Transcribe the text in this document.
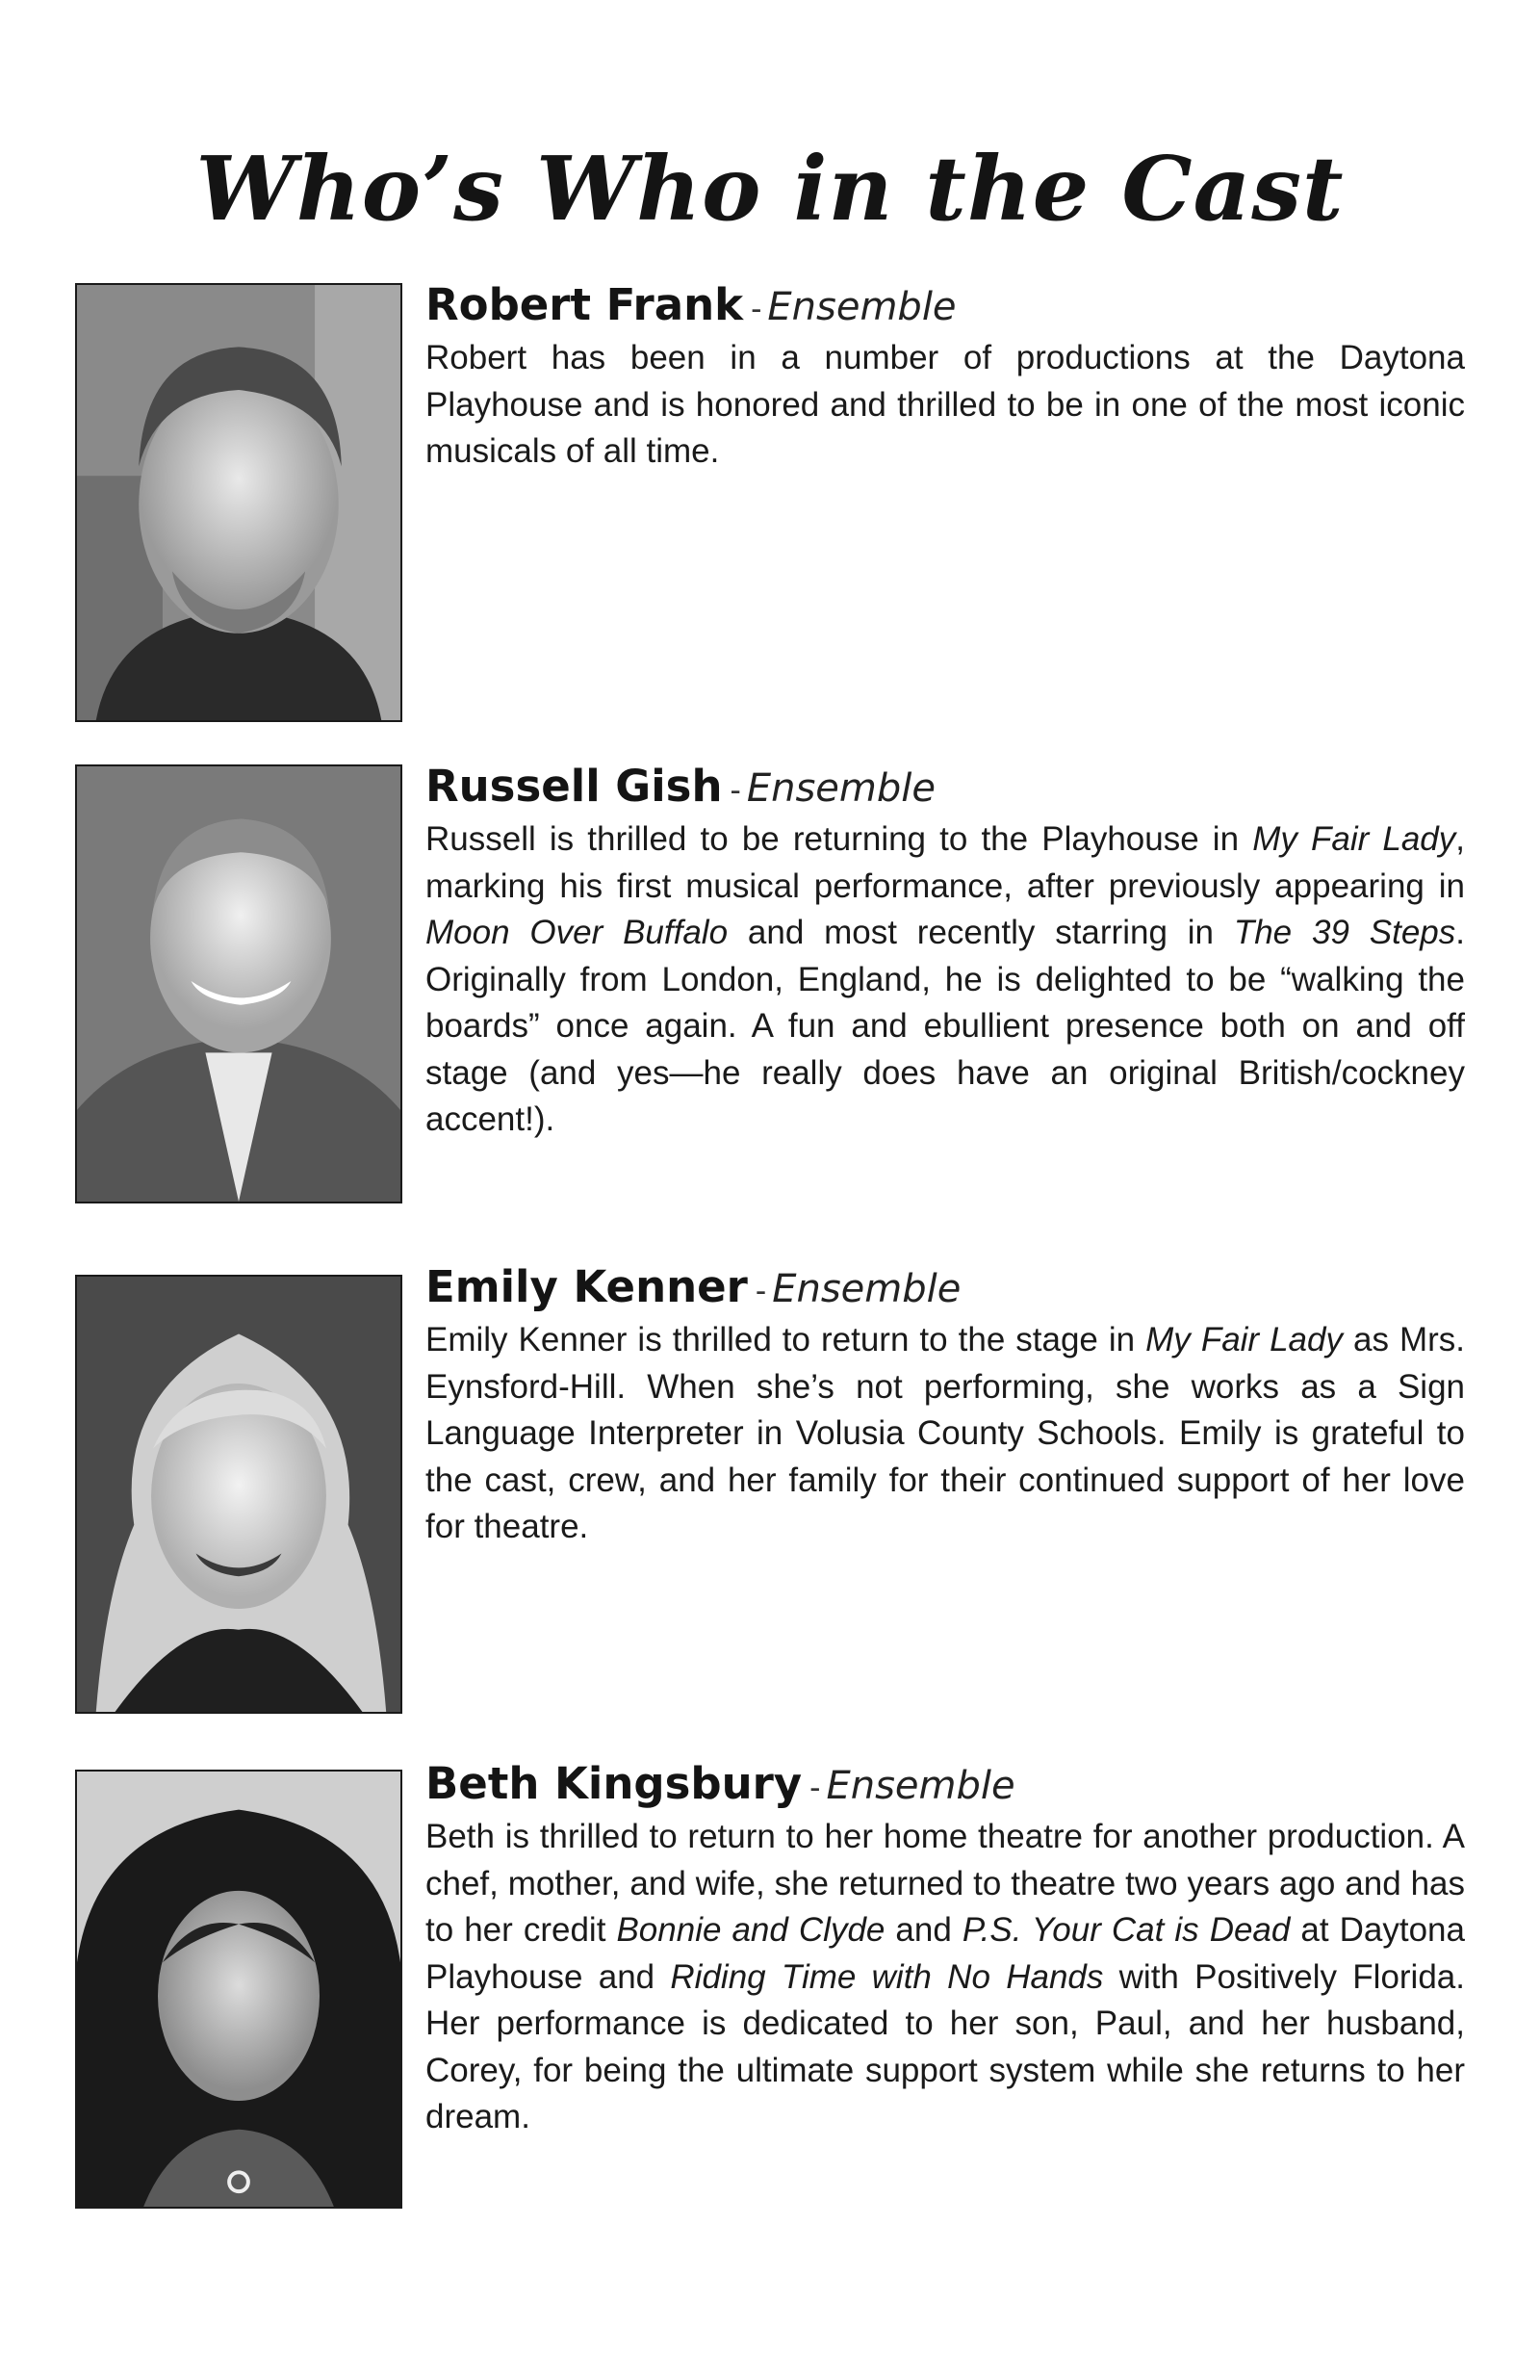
Who’s Who in the Cast

Robert Frank - Ensemble

Robert has been in a number of productions at the Daytona Playhouse and is honored and thrilled to be in one of the most iconic musicals of all time.

Russell Gish - Ensemble

Russell is thrilled to be returning to the Playhouse in My Fair Lady, marking his first musical performance, after previously appearing in Moon Over Buffalo and most recently starring in The 39 Steps. Originally from London, England, he is delighted to be “walking the boards” once again. A fun and ebullient presence both on and off stage (and yes—he really does have an original British/cockney accent!).

Emily Kenner - Ensemble

Emily Kenner is thrilled to return to the stage in My Fair Lady as Mrs. Eynsford-Hill. When she’s not performing, she works as a Sign Language Interpreter in Volusia County Schools. Emily is grateful to the cast, crew, and her family for their continued support of her love for theatre.

Beth Kingsbury - Ensemble

Beth is thrilled to return to her home theatre for another production. A chef, mother, and wife, she returned to theatre two years ago and has to her credit Bonnie and Clyde and P.S. Your Cat is Dead at Daytona Playhouse and Riding Time with No Hands with Positively Florida. Her performance is dedicated to her son, Paul, and her husband, Corey, for being the ultimate support system while she returns to her dream.
